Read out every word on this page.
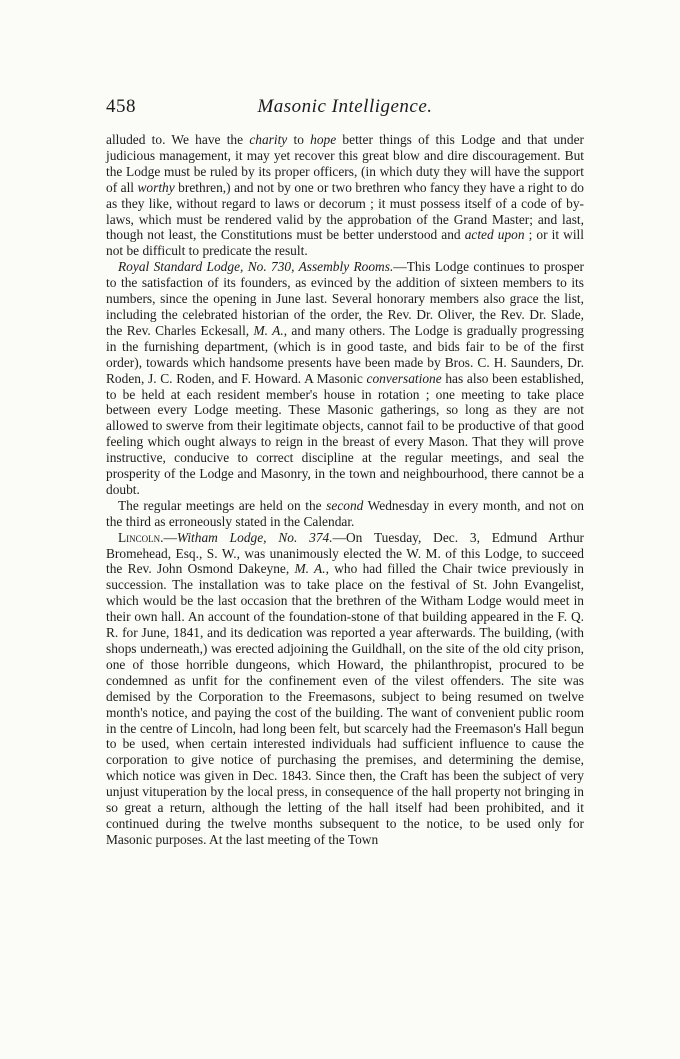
458	Masonic Intelligence.

alluded to. We have the charity to hope better things of this Lodge and that under judicious management, it may yet recover this great blow and dire discouragement. But the Lodge must be ruled by its proper officers, (in which duty they will have the support of all worthy brethren,) and not by one or two brethren who fancy they have a right to do as they like, without regard to laws or decorum ; it must possess itself of a code of by-laws, which must be rendered valid by the approbation of the Grand Master; and last, though not least, the Constitutions must be better understood and acted upon ; or it will not be difficult to predicate the result.

Royal Standard Lodge, No. 730, Assembly Rooms.—This Lodge continues to prosper to the satisfaction of its founders, as evinced by the addition of sixteen members to its numbers, since the opening in June last. Several honorary members also grace the list, including the celebrated historian of the order, the Rev. Dr. Oliver, the Rev. Dr. Slade, the Rev. Charles Eckesall, M. A., and many others. The Lodge is gradually progressing in the furnishing department, (which is in good taste, and bids fair to be of the first order), towards which handsome presents have been made by Bros. C. H. Saunders, Dr. Roden, J. C. Roden, and F. Howard. A Masonic conversatione has also been established, to be held at each resident member's house in rotation ; one meeting to take place between every Lodge meeting. These Masonic gatherings, so long as they are not allowed to swerve from their legitimate objects, cannot fail to be productive of that good feeling which ought always to reign in the breast of every Mason. That they will prove instructive, conducive to correct discipline at the regular meetings, and seal the prosperity of the Lodge and Masonry, in the town and neighbourhood, there cannot be a doubt.

The regular meetings are held on the second Wednesday in every month, and not on the third as erroneously stated in the Calendar.

Lincoln.—Witham Lodge, No. 374.—On Tuesday, Dec. 3, Edmund Arthur Bromehead, Esq., S. W., was unanimously elected the W. M. of this Lodge, to succeed the Rev. John Osmond Dakeyne, M. A., who had filled the Chair twice previously in succession. The installation was to take place on the festival of St. John Evangelist, which would be the last occasion that the brethren of the Witham Lodge would meet in their own hall. An account of the foundation-stone of that building appeared in the F. Q. R. for June, 1841, and its dedication was reported a year afterwards. The building, (with shops underneath,) was erected adjoining the Guildhall, on the site of the old city prison, one of those horrible dungeons, which Howard, the philanthropist, procured to be condemned as unfit for the confinement even of the vilest offenders. The site was demised by the Corporation to the Freemasons, subject to being resumed on twelve month's notice, and paying the cost of the building. The want of convenient public room in the centre of Lincoln, had long been felt, but scarcely had the Freemason's Hall begun to be used, when certain interested individuals had sufficient influence to cause the corporation to give notice of purchasing the premises, and determining the demise, which notice was given in Dec. 1843. Since then, the Craft has been the subject of very unjust vituperation by the local press, in consequence of the hall property not bringing in so great a return, although the letting of the hall itself had been prohibited, and it continued during the twelve months subsequent to the notice, to be used only for Masonic purposes. At the last meeting of the Town
